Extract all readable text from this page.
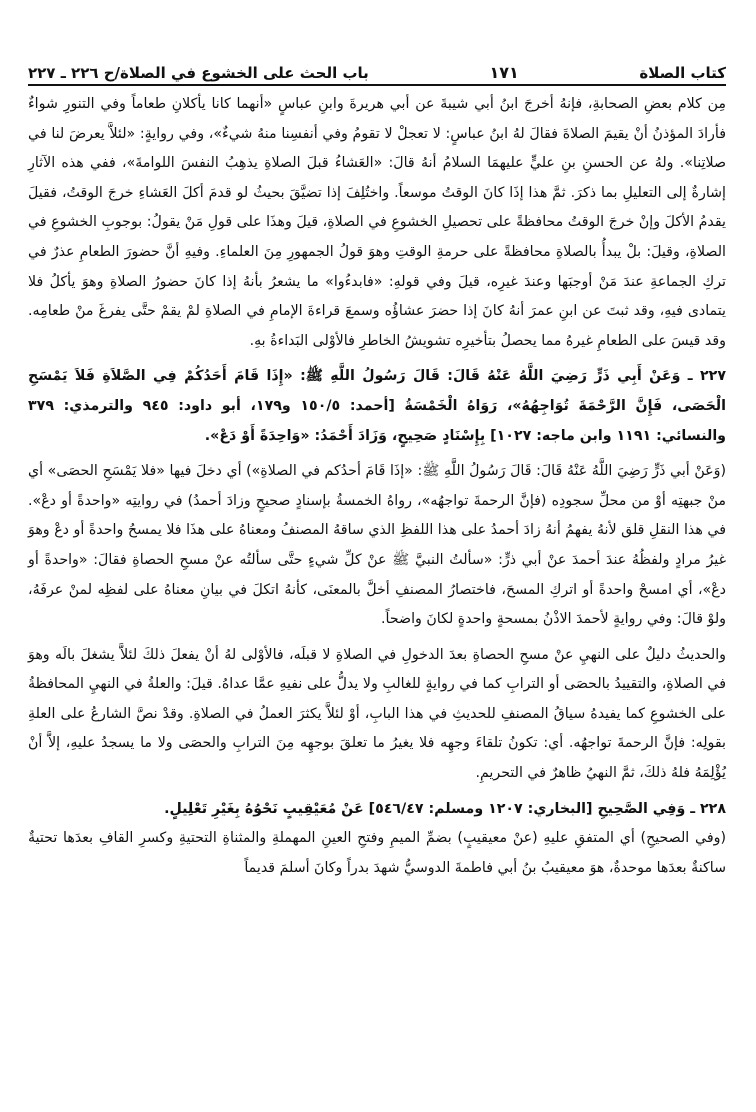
كتاب الصلاة
١٧١
باب الحث على الخشوع في الصلاة/ح ٢٢٦ ـ ٢٢٧

مِن كلام بعضِ الصحابةِ، فإنهُ أخرجَ ابنُ أبي شيبةَ عن أبي هريرةَ وابنِ عباسٍ «أنهما كانا يأكلانِ طعاماً وفي التنورِ شواءٌ فأرادَ المؤذنُ أنْ يقيمَ الصلاةَ فقالَ لهُ ابنُ عباسٍ: لا تعجلْ لا تقومُ وفي أنفسِنا منهُ شيءٌ»، وفي روايةٍ: «لئلاَّ يعرضَ لنا في صلاتِنا». ولهُ عن الحسنِ بنِ عليٍّ عليهمَا السلامُ أنهُ قالَ: «العَشاءُ قبلَ الصلاةِ يذهِبُ النفسَ اللوامةَ»، ففي هذه الآثارِ إشارةٌ إلى التعليلِ بما ذكرَ. ثمَّ هذا إذَا كانَ الوقتُ موسعاً. واختُلِفَ إذا تضيَّقَ بحيثُ لو قدمَ أكلَ العَشاءِ خرجَ الوقتُ، فقيلَ يقدمُ الأكلَ وإنْ خرجَ الوقتُ محافظةً على تحصيلِ الخشوعِ في الصلاةِ، قيلَ وهذَا على قولِ مَنْ يقولُ: بوجوبِ الخشوعِ في الصلاةِ، وقيلَ: بلْ يبدأُ بالصلاةِ محافظةً على حرمةِ الوقتِ وهوَ قولُ الجمهورِ مِنَ العلماءِ. وفيهِ أنَّ حضورَ الطعامِ عذرٌ في تركِ الجماعةِ عندَ مَنْ أوجبَها وعندَ غيرِه، قيلَ وفي قولهِ: «فابدءُوا» ما يشعرُ بأنهُ إذا كانَ حضورُ الصلاةِ وهوَ يأكلُ فلا يتمادى فيهِ، وقد ثبتَ عن ابنِ عمرَ أنهُ كانَ إذا حضرَ عشاؤُه وسمعَ قراءةَ الإمامِ في الصلاةِ لمْ يقمْ حتَّى يفرغَ منْ طعامِه. وقد قيسَ على الطعامِ غيرهُ مما يحصلُ بتأخيرِه تشويشُ الخاطرِ فالأوْلى البَداءةُ بهِ.

٢٢٧ ـ وَعَنْ أَبِي ذَرٍّ رَضِيَ اللَّهُ عَنْهُ قَالَ: قَالَ رَسُولُ اللَّهِ ﷺ: «إِذَا قَامَ أَحَدُكُمْ فِي الصَّلاَةِ فَلاَ يَمْسَحِ الْحَصَى، فَإِنَّ الرَّحْمَةَ تُوَاجِهُهُ»، رَوَاهُ الْخَمْسَةُ [أحمد: ١٥٠/٥ و١٧٩، أبو داود: ٩٤٥ والترمذي: ٣٧٩ والنسائي: ١١٩١ وابن ماجه: ١٠٢٧] بِإِسْنَادٍ صَحِيحٍ، وَزَادَ أَحْمَدُ: «وَاحِدَةً أَوْ دَعْ».

(وَعَنْ أبي ذَرٍّ رَضِيَ اللَّهُ عَنْهُ قَالَ: قَالَ رَسُولُ اللَّهِ ﷺ: «إذَا قَامَ أحدُكم في الصلاةِ») أي دخلَ فيها «فلا يَمْسَحِ الحصَى» أي منْ جبهتِه أوْ من محلِّ سجودِه (فإنَّ الرحمةَ تواجهُه»، رواهُ الخمسةُ بإسنادٍ صحيحٍ وزادَ أحمدُ) في روايتِه «واحدةً أو دعْ». في هذا النقلِ قلق لأنهُ يفهمُ أنهُ زادَ أحمدُ على هذا اللفظِ الذي ساقهُ المصنفُ ومعناهُ على هذَا فلا يمسحُ واحدةً أو دعْ وهوَ غيرُ مرادٍ ولفظُهُ عندَ أحمدَ عنْ أبي ذرٍّ: «سألتُ النبيَّ ﷺ عنْ كلِّ شيءٍ حتَّى سألتُه عنْ مسحِ الحصاةِ فقالَ: «واحدةً أو دعْ»، أي امسحْ واحدةً أو اتركِ المسحَ، فاختصارُ المصنفِ أخلَّ بالمعنَى، كأنهُ اتكلَ في بيانِ معناهُ على لفظِه لمنْ عرفَهُ، ولوْ قالَ: وفي روايةٍ لأحمدَ الاذْنُ بمسحةٍ واحدةٍ لكانَ واضحاً.

والحديثُ دليلٌ على النهيِ عنْ مسحِ الحصاةِ بعدَ الدخولِ في الصلاةِ لا قبلَه، فالأوْلى لهُ أنْ يفعلَ ذلكَ لئلاَّ يشغلَ بالَه وهوَ في الصلاةِ، والتقييدُ بالحصَى أو الترابِ كما في روايةٍ للغالبِ ولا يدلُّ على نفيهِ عمَّا عداهُ. قيلَ: والعلةُ في النهيِ المحافظةُ على الخشوعِ كما يفيدهُ سياقُ المصنفِ للحديثِ في هذا البابِ، أوْ لئلاَّ يكثرَ العملُ في الصلاةِ. وقدْ نصَّ الشارعُ على العلةِ بقولِه: فإنَّ الرحمةَ تواجهُه. أي: تكونُ تلقاءَ وجهِه فلا يغيرُ ما تعلقَ بوجهِه مِنَ الترابِ والحصَى ولا ما يسجدُ عليهِ، إلاَّ أنْ يُؤْلِمَهُ فلهُ ذلكَ، ثمَّ النهيُ ظاهرٌ في التحريمِ.

٢٢٨ ـ وَفِي الصَّحِيحِ [البخاري: ١٢٠٧ ومسلم: ٥٤٦/٤٧] عَنْ مُعَيْقِيبٍ نَحْوُهُ بِغَيْرِ تَعْلِيلٍ.

(وفي الصحيحِ) أي المتفقِ عليهِ (عنْ معيقيبٍ) بضمِّ الميمِ وفتحِ العينِ المهملةِ والمثناةِ التحتيةِ وكسرِ القافِ بعدَها تحتيةٌ ساكنةٌ بعدَها موحدةٌ، هوَ معيقيبُ بنُ أبي فاطمةَ الدوسيُّ شهدَ بدراً وكانَ أسلمَ قديماً
